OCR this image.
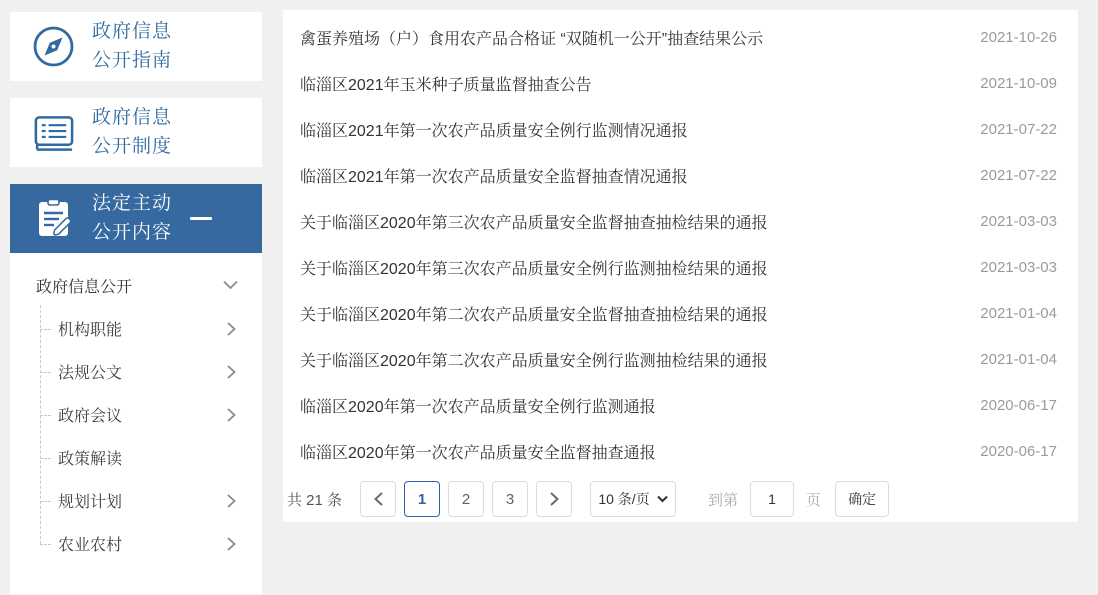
政府信息
公开指南
政府信息
公开制度
法定主动
公开内容
政府信息公开
机构职能
法规公文
政府会议
政策解读
规划计划
农业农村
禽蛋养殖场（户）食用农产品合格证 “双随机一公开”抽查结果公示	2021-10-26
临淄区2021年玉米种子质量监督抽查公告	2021-10-09
临淄区2021年第一次农产品质量安全例行监测情况通报	2021-07-22
临淄区2021年第一次农产品质量安全监督抽查情况通报	2021-07-22
关于临淄区2020年第三次农产品质量安全监督抽查抽检结果的通报	2021-03-03
关于临淄区2020年第三次农产品质量安全例行监测抽检结果的通报	2021-03-03
关于临淄区2020年第二次农产品质量安全监督抽查抽检结果的通报	2021-01-04
关于临淄区2020年第二次农产品质量安全例行监测抽检结果的通报	2021-01-04
临淄区2020年第一次农产品质量安全例行监测通报	2020-06-17
临淄区2020年第一次农产品质量安全监督抽查通报	2020-06-17
共 21 条	1	2	3	10 条/页	到第
1	页	确定
